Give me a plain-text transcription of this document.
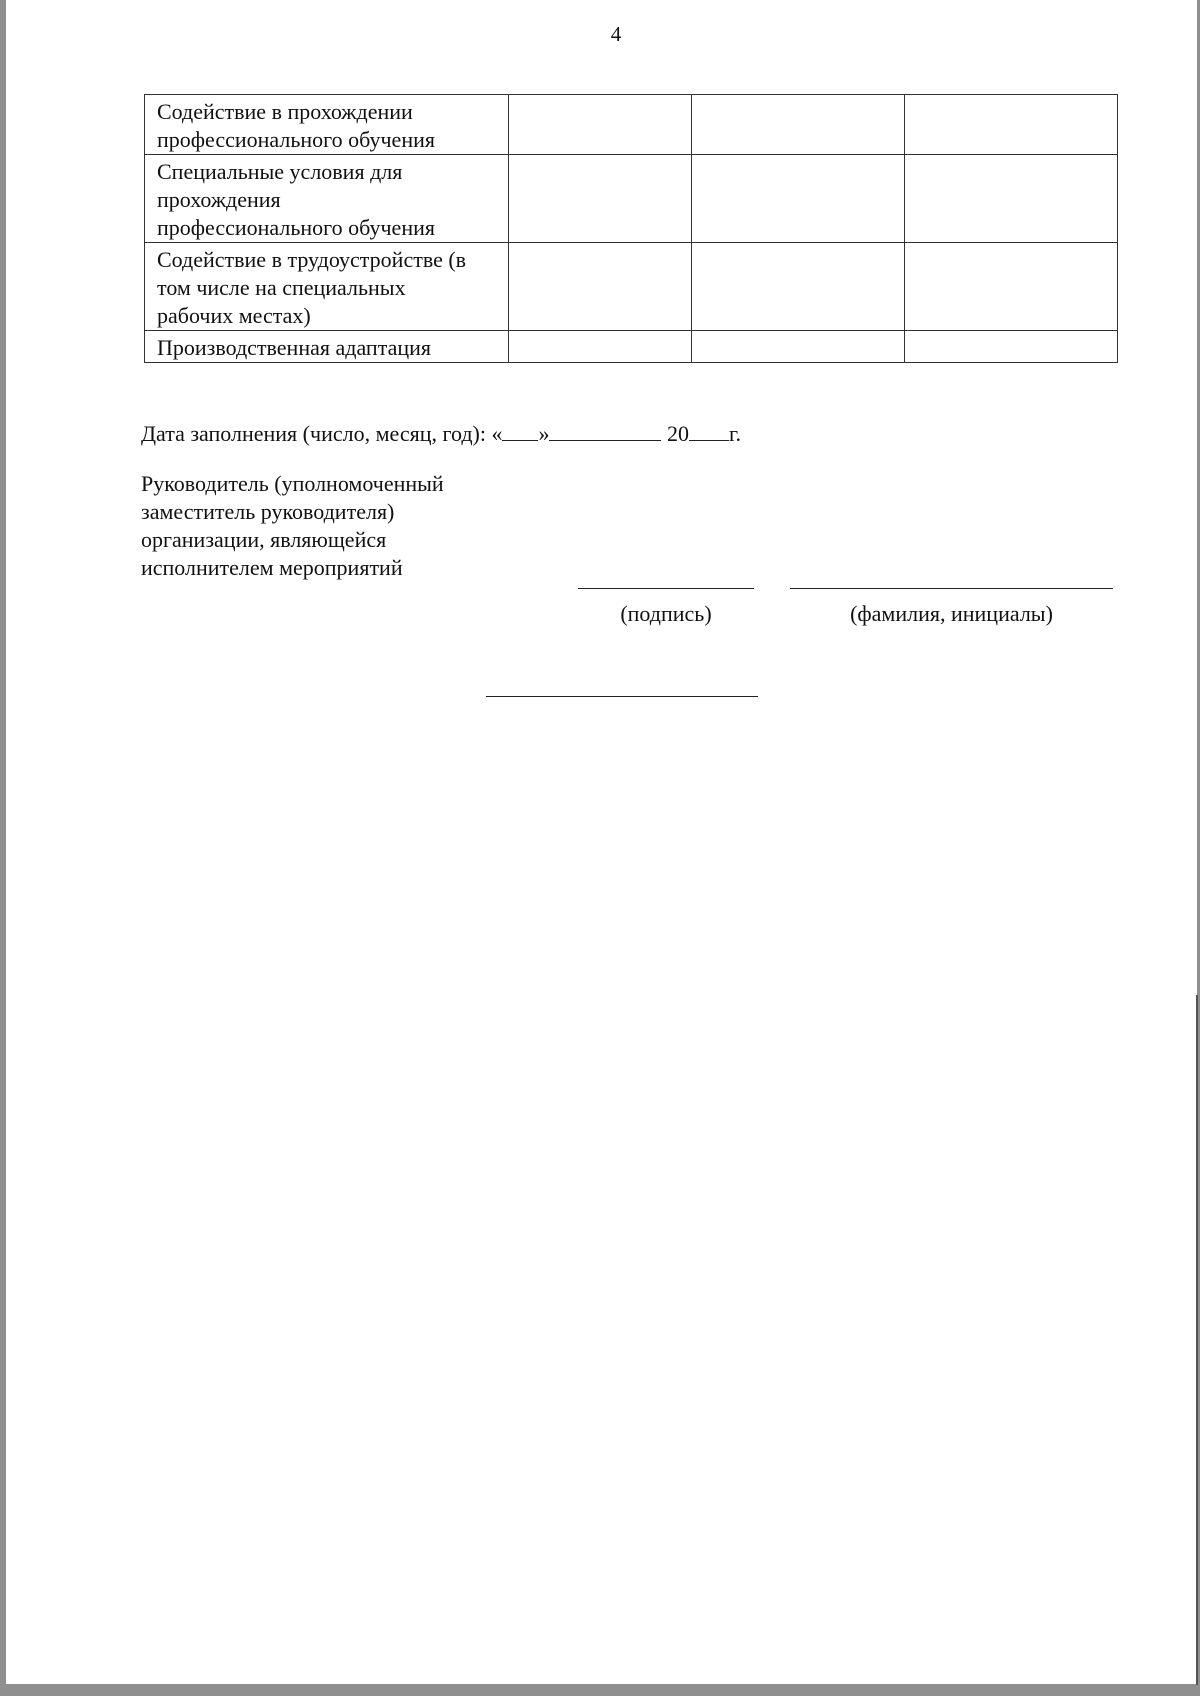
4
Содействие в прохождении
профессионального обучения			

Специальные условия для
прохождения
профессионального обучения			

Содействие в трудоустройстве (в
том числе на специальных
рабочих местах)			

Производственная адаптация			

Дата заполнения (число, месяц, год): « »	20 г.
Руководитель (уполномоченный
заместитель руководителя)
организации, являющейся
исполнителем мероприятий
(подпись)	(фамилия, инициалы)
